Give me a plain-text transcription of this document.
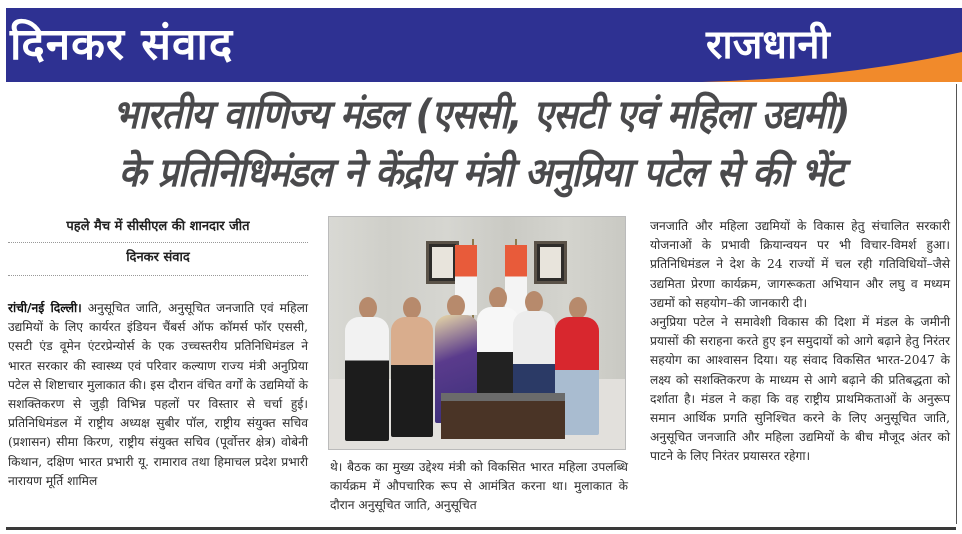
दिनकर संवाद	राजधानी
भारतीय वाणिज्य मंडल (एससी, एसटी एवं महिला उद्यमी)
के प्रतिनिधिमंडल ने केंद्रीय मंत्री अनुप्रिया पटेल से की भेंट
पहले मैच में सीसीएल की शानदार जीत
दिनकर संवाद

रांची/नई दिल्ली। अनुसूचित जाति, अनुसूचित जनजाति एवं महिला उद्यमियों के लिए कार्यरत इंडियन चैंबर्स ऑफ कॉमर्स फॉर एससी, एसटी एंड वूमेन एंटरप्रेन्योर्स के एक उच्चस्तरीय प्रतिनिधिमंडल ने भारत सरकार की स्वास्थ्य एवं परिवार कल्याण राज्य मंत्री अनुप्रिया पटेल से शिष्टाचार मुलाकात की। इस दौरान वंचित वर्गों के उद्यमियों के सशक्तिकरण से जुड़ी विभिन्न पहलों पर विस्तार से चर्चा हुई। प्रतिनिधिमंडल में राष्ट्रीय अध्यक्ष सुबीर पॉल, राष्ट्रीय संयुक्त सचिव (प्रशासन) सीमा किरण, राष्ट्रीय संयुक्त सचिव (पूर्वोत्तर क्षेत्र) वोबेनी किथान, दक्षिण भारत प्रभारी यू. रामाराव तथा हिमाचल प्रदेश प्रभारी नारायण मूर्ति शामिल

थे। बैठक का मुख्य उद्देश्य मंत्री को विकसित भारत महिला उपलब्धि कार्यक्रम में औपचारिक रूप से आमंत्रित करना था। मुलाकात के दौरान अनुसूचित जाति, अनुसूचित

जनजाति और महिला उद्यमियों के विकास हेतु संचालित सरकारी योजनाओं के प्रभावी क्रियान्वयन पर भी विचार-विमर्श हुआ। प्रतिनिधिमंडल ने देश के 24 राज्यों में चल रही गतिविधियों–जैसे उद्यमिता प्रेरणा कार्यक्रम, जागरूकता अभियान और लघु व मध्यम उद्यमों को सहयोग–की जानकारी दी।

अनुप्रिया पटेल ने समावेशी विकास की दिशा में मंडल के जमीनी प्रयासों की सराहना करते हुए इन समुदायों को आगे बढ़ाने हेतु निरंतर सहयोग का आश्वासन दिया। यह संवाद विकसित भारत-2047 के लक्ष्य को सशक्तिकरण के माध्यम से आगे बढ़ाने की प्रतिबद्धता को दर्शाता है। मंडल ने कहा कि वह राष्ट्रीय प्राथमिकताओं के अनुरूप समान आर्थिक प्रगति सुनिश्चित करने के लिए अनुसूचित जाति, अनुसूचित जनजाति और महिला उद्यमियों के बीच मौजूद अंतर को पाटने के लिए निरंतर प्रयासरत रहेगा।
